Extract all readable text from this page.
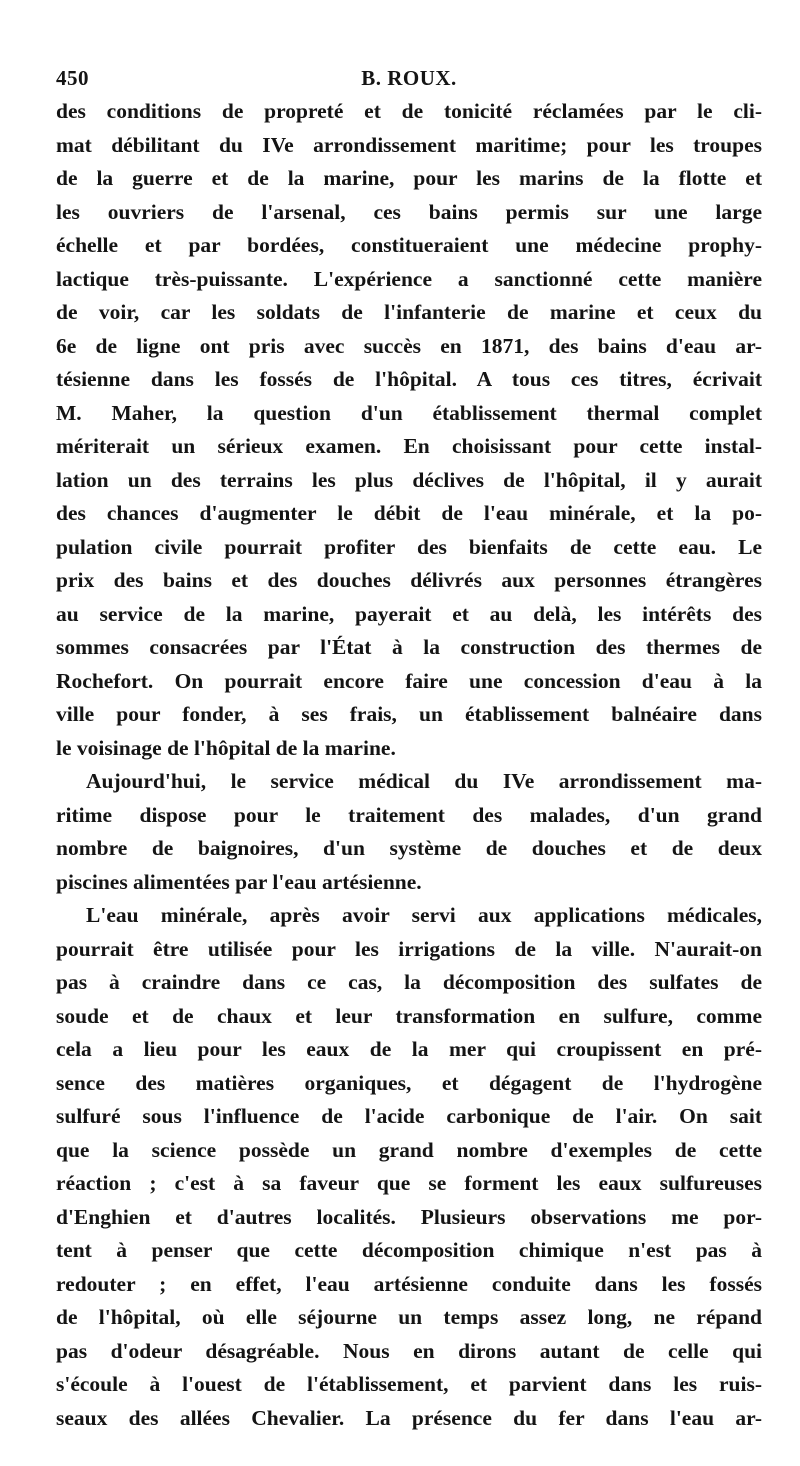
450	B. ROUX.
des conditions de propreté et de tonicité réclamées par le cli-
mat débilitant du IVe arrondissement maritime; pour les troupes
de la guerre et de la marine, pour les marins de la flotte et
les ouvriers de l'arsenal, ces bains permis sur une large
échelle et par bordées, constitueraient une médecine prophy-
lactique très-puissante. L'expérience a sanctionné cette manière
de voir, car les soldats de l'infanterie de marine et ceux du
6e de ligne ont pris avec succès en 1871, des bains d'eau ar-
tésienne dans les fossés de l'hôpital. A tous ces titres, écrivait
M. Maher, la question d'un établissement thermal complet
mériterait un sérieux examen. En choisissant pour cette instal-
lation un des terrains les plus déclives de l'hôpital, il y aurait
des chances d'augmenter le débit de l'eau minérale, et la po-
pulation civile pourrait profiter des bienfaits de cette eau. Le
prix des bains et des douches délivrés aux personnes étrangères
au service de la marine, payerait et au delà, les intérêts des
sommes consacrées par l'État à la construction des thermes de
Rochefort. On pourrait encore faire une concession d'eau à la
ville pour fonder, à ses frais, un établissement balnéaire dans
le voisinage de l'hôpital de la marine.
Aujourd'hui, le service médical du IVe arrondissement ma-
ritime dispose pour le traitement des malades, d'un grand
nombre de baignoires, d'un système de douches et de deux
piscines alimentées par l'eau artésienne.
L'eau minérale, après avoir servi aux applications médicales,
pourrait être utilisée pour les irrigations de la ville. N'aurait-on
pas à craindre dans ce cas, la décomposition des sulfates de
soude et de chaux et leur transformation en sulfure, comme
cela a lieu pour les eaux de la mer qui croupissent en pré-
sence des matières organiques, et dégagent de l'hydrogène
sulfuré sous l'influence de l'acide carbonique de l'air. On sait
que la science possède un grand nombre d'exemples de cette
réaction ; c'est à sa faveur que se forment les eaux sulfureuses
d'Enghien et d'autres localités. Plusieurs observations me por-
tent à penser que cette décomposition chimique n'est pas à
redouter ; en effet, l'eau artésienne conduite dans les fossés
de l'hôpital, où elle séjourne un temps assez long, ne répand
pas d'odeur désagréable. Nous en dirons autant de celle qui
s'écoule à l'ouest de l'établissement, et parvient dans les ruis-
seaux des allées Chevalier. La présence du fer dans l'eau ar-
